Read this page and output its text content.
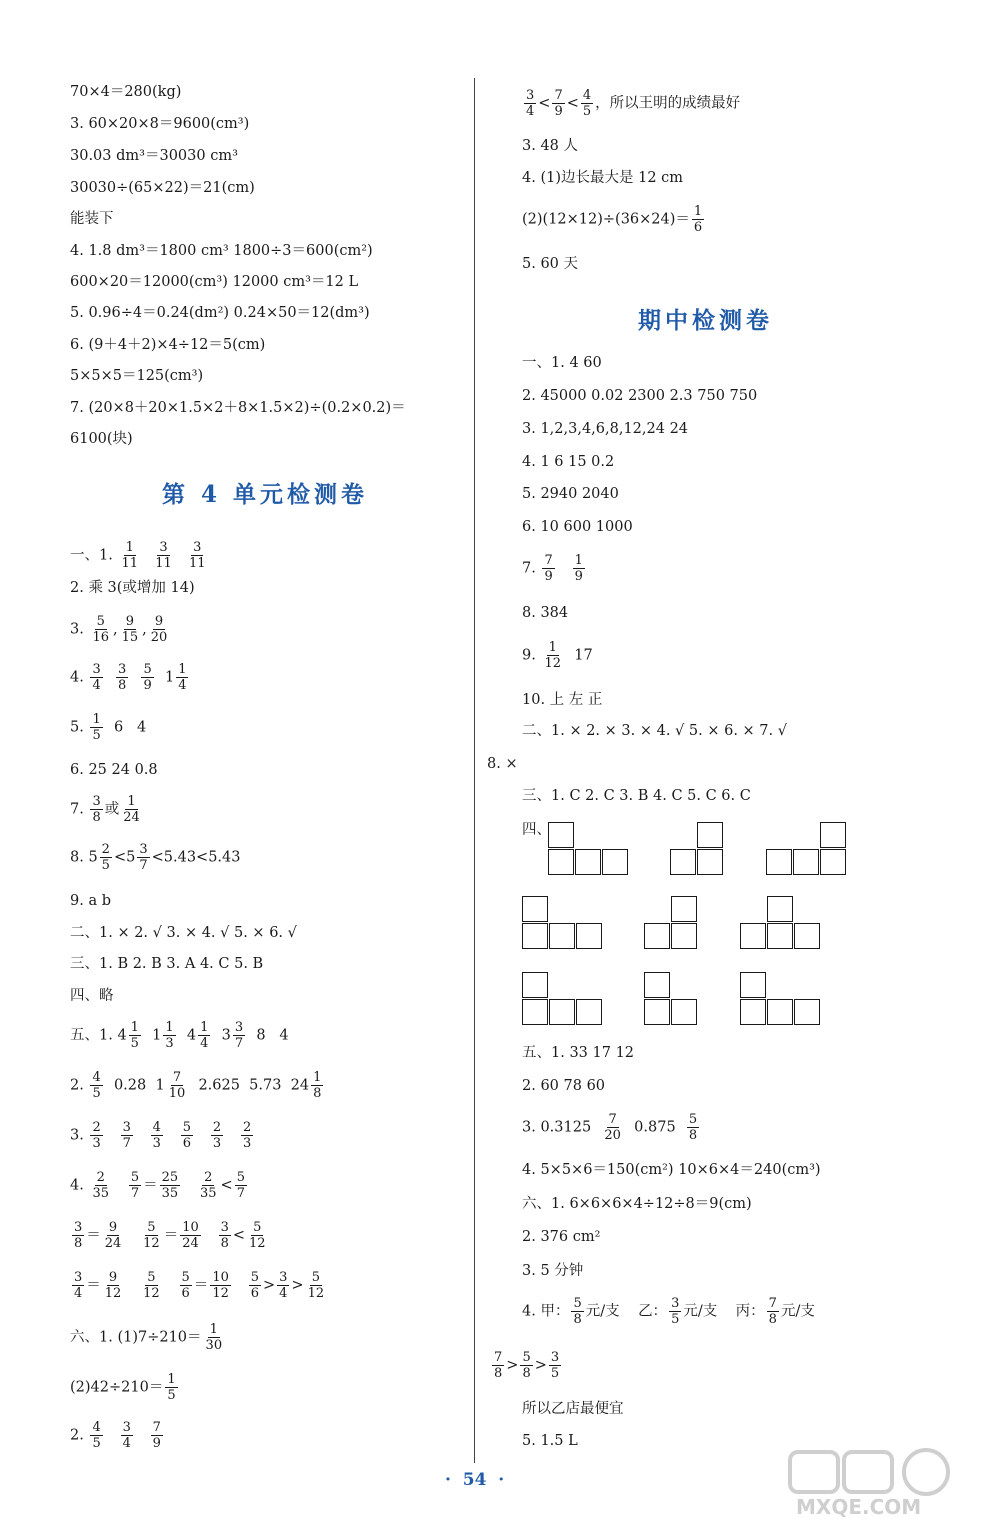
70×4＝280(kg)
3. 60×20×8＝9600(cm³)
30.03 dm³＝30030 cm³
30030÷(65×22)＝21(cm)
能装下
4. 1.8 dm³＝1800 cm³ 1800÷3＝600(cm²)
600×20＝12000(cm³) 12000 cm³＝12 L
5. 0.96÷4＝0.24(dm²) 0.24×50＝12(dm³)
6. (9＋4＋2)×4÷12＝5(cm)
5×5×5＝125(cm³)
7. (20×8＋20×1.5×2＋8×1.5×2)÷(0.2×0.2)＝
6100(块)
第 4 单元检测卷
一、1. $\frac{1}{11}$
$\frac{3}{11}$
$\frac{3}{11}$
2. 乘 3(或增加 14)
3. $\frac{5}{16}$ , $\frac{9}{15}$ , $\frac{9}{20}$
4. $\frac{3}{4}$
$\frac{3}{8}$
$\frac{5}{9} 1 \frac{1}{4}$
5. $\frac{1}{5} 6$   4
6. 25 24 0.8
7. $\frac{3}{8}$ 或 $\frac{1}{24}$
8. $5 \frac{2}{5} <5 \frac{3}{7} <5.43<5.43$
9. a b
二、1. × 2. √ 3. × 4. √ 5. × 6. √
三、1. B 2. B 3. A 4. C 5. B
四、略
五、1. $4 \frac{1}{5} 1 \frac{1}{3} 4 \frac{1}{4} 3 \frac{3}{7} 8$   4
2. $\frac{4}{5} 0.28$  $1 \frac{7}{10} 2.625$  5.73  $24 \frac{1}{8}$
3. $\frac{2}{3}$
$\frac{3}{7}$
$\frac{4}{3}$
$\frac{5}{6}$
$\frac{2}{3}$
$\frac{2}{3}$
4. $\frac{2}{35}$
$\frac{5}{7} = \frac{25}{35}$
$\frac{2}{35} < \frac{5}{7}$
$\frac{3}{8} = \frac{9}{24}$
$\frac{5}{12} = \frac{10}{24}$
$\frac{3}{8} < \frac{5}{12}$
$\frac{3}{4} = \frac{9}{12}$
$\frac{5}{12}$
$\frac{5}{6} = \frac{10}{12}$
$\frac{5}{6} > \frac{3}{4} > \frac{5}{12}$
六、1. $(1)7\div 210= \frac{1}{30}$
$(2)42\div 210= \frac{1}{5}$
2. $\frac{4}{5}$
$\frac{3}{4}$
$\frac{7}{9}$
$\frac{3}{4} < \frac{7}{9} < \frac{4}{5}$ ，所以王明的成绩最好
3. 48 人
4. (1)边长最大是 12 cm
$(2)(12\times 12)\div(36\times 24)= \frac{1}{6}$
5. 60 天
期中检测卷
一、1. 4 60
2. 45000 0.02 2300 2.3 750 750
3. 1,2,3,4,6,8,12,24 24
4. 1 6 15 0.2
5. 2940 2040
6. 10 600 1000
7. $\frac{7}{9}$
$\frac{1}{9}$
8. 384
9. $\frac{1}{12} 17$
10. 上 左 正
二、1. × 2. × 3. × 4. √ 5. × 6. × 7. √
8. ×
三、1. C 2. C 3. B 4. C 5. C 6. C
四、
五、1. 33 17 12
2. 60 78 60
3. $0.3125 \frac{7}{20} 0.875 \frac{5}{8}$
4. 5×5×6＝150(cm²) 10×6×4＝240(cm³)
六、1. 6×6×6×4÷12÷8＝9(cm)
2. 376 cm²
3. 5 分钟
4. 甲： $\frac{5}{8}$ 元/支 乙： $\frac{3}{5}$ 元/支 丙： $\frac{7}{8}$ 元/支
$\frac{7}{8} > \frac{5}{8} > \frac{3}{5}$
所以乙店最便宜
5. 1.5 L
·  54  ·
MXQE.COM
